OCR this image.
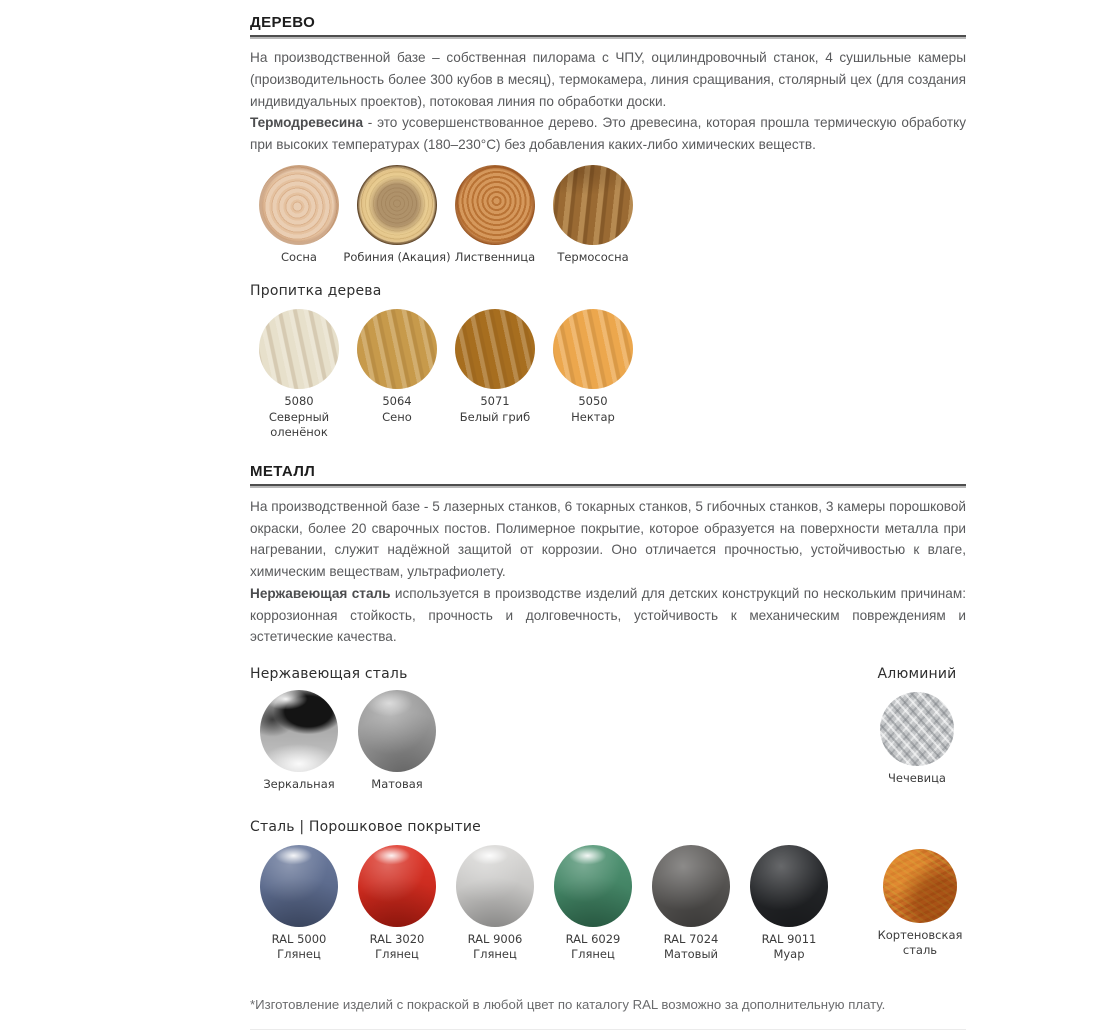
ДЕРЕВО

На производственной базе – собственная пилорама с ЧПУ, оцилиндровочный станок, 4 сушильные камеры (производительность более 300 кубов в месяц), термокамера, линия сращивания, столярный цех (для создания индивидуальных проектов), потоковая линия по обработки доски.
Термодревесина - это усовершенствованное дерево. Это древесина, которая прошла термическую обработку при высоких температурах (180–230°С) без добавления каких-либо химических веществ.

Сосна Робиния (Акация) Лиственница Термососна
Пропитка дерева
5080
Северный оленёнок
5064
Сено
5071
Белый гриб
5050
Нектар
МЕТАЛЛ

На производственной базе - 5 лазерных станков, 6 токарных станков, 5 гибочных станков, 3 камеры порошковой окраски, более 20 сварочных постов. Полимерное покрытие, которое образуется на поверхности металла при нагревании, служит надёжной защитой от коррозии. Оно отличается прочностью, устойчивостью к влаге, химическим веществам, ультрафиолету.
Нержавеющая сталь используется в производстве изделий для детских конструкций по нескольким причинам: коррозионная стойкость, прочность и долговечность, устойчивость к механическим повреждениям и эстетические качества.

Нержавеющая сталь	Алюминий
Чечевица
Зеркальная	Матовая
Сталь | Порошковое покрытие
RAL 5000
Глянец
RAL 3020
Глянец
RAL 9006
Глянец
RAL 6029
Глянец
RAL 7024
Матовый
RAL 9011
Муар
Кортеновская
сталь
*Изготовление изделий с покраской в любой цвет по каталогу RAL возможно за дополнительную плату.
